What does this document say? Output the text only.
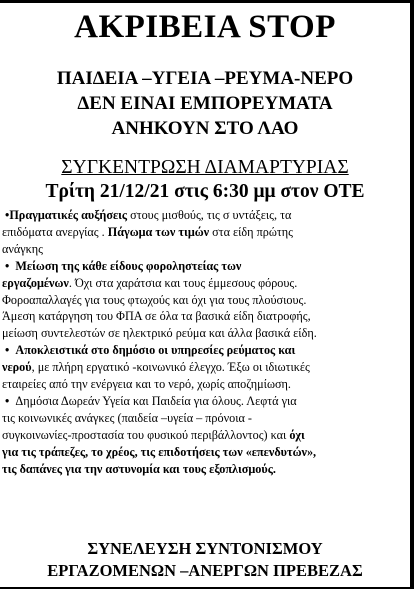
ΑΚΡΙΒΕΙΑ STOP
ΠΑΙΔΕΙΑ –ΥΓΕΙΑ –ΡΕΥΜΑ-ΝΕΡΟ
ΔΕΝ ΕΙΝΑΙ ΕΜΠΟΡΕΥΜΑΤΑ
ΑΝΗΚΟΥΝ ΣΤΟ ΛΑΟ
ΣΥΓΚΕΝΤΡΩΣΗ ΔΙΑΜΑΡΤΥΡΙΑΣ
Τρίτη 21/12/21 στις 6:30 μμ στον ΟΤΕ
•Πραγματικές αυξήσεις στους μισθούς, τις σ υντάξεις, τα
επιδόματα ανεργίας . Πάγωμα των τιμών στα είδη πρώτης
ανάγκης
• Μείωση της κάθε είδους φοροληστείας των
εργαζομένων. Όχι στα χαράτσια και τους έμμεσους φόρους.
Φοροαπαλλαγές για τους φτωχούς και όχι για τους πλούσιους.
Άμεση κατάργηση του ΦΠΑ σε όλα τα βασικά είδη διατροφής,
μείωση συντελεστών σε ηλεκτρικό ρεύμα και άλλα βασικά είδη.
• Αποκλειστικά στο δημόσιο οι υπηρεσίες ρεύματος και
νερού, με πλήρη εργατικό -κοινωνικό έλεγχο. Έξω οι ιδιωτικές
εταιρείες από την ενέργεια και το νερό, χωρίς αποζημίωση.
• Δημόσια Δωρεάν Υγεία και Παιδεία για όλους. Λεφτά για
τις κοινωνικές ανάγκες (παιδεία –υγεία – πρόνοια -
συγκοινωνίες-προστασία του φυσικού περιβάλλοντος) και όχι
για τις τράπεζες, το χρέος, τις επιδοτήσεις των «επενδυτών»,
τις δαπάνες για την αστυνομία και τους εξοπλισμούς.
ΣΥΝΕΛΕΥΣΗ ΣΥΝΤΟΝΙΣΜΟΥ
ΕΡΓΑΖΟΜΕΝΩΝ –ΑΝΕΡΓΩΝ ΠΡΕΒΕΖΑΣ
